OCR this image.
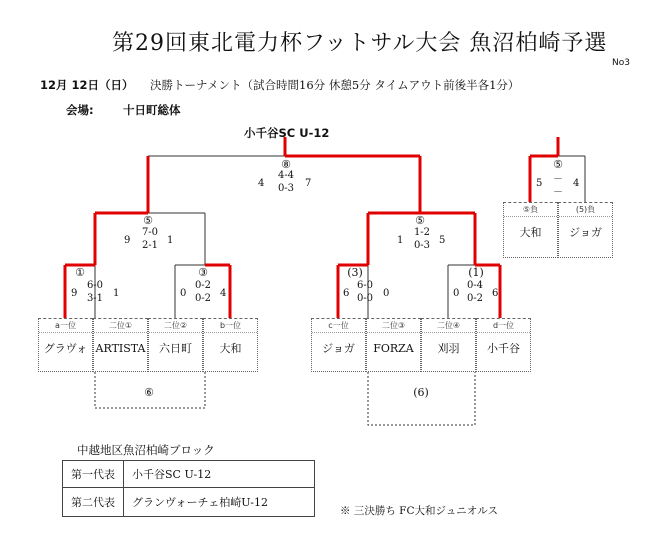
第29回東北電力杯フットサル大会 魚沼柏崎予選
No3
12月 12日（日） 決勝トーナメント（試合時間16分 休憩5分 タイムアウト前後半各1分）
会場:	十日町総体
小千谷SC U-12
⑧
4
4-4
0-3	7
⑤
9
7-0
2-1 1
⑤
1
1-2
0-3 5
①
9
6-0
3-1 1
③
0
0-2
0-2 4
(3)
6
6-0
0-0 0
(1)
0
0-4
0-2 6
a一位
グラヴォ
二位①
ARTISTA
二位②
六日町
b一位
大和
c一位
ジョガ
二位③
FORZA
二位④
刈羽
d一位
小千谷
⑤
5	－
－
4
⑤負
大和
(5)負
ジョガ
⑥	(6)
中越地区魚沼柏崎ブロック
第一代表	小千谷SC U-12
第二代表	グランヴォーチェ柏崎U-12
※ 三決勝ち FC大和ジュニオルス
